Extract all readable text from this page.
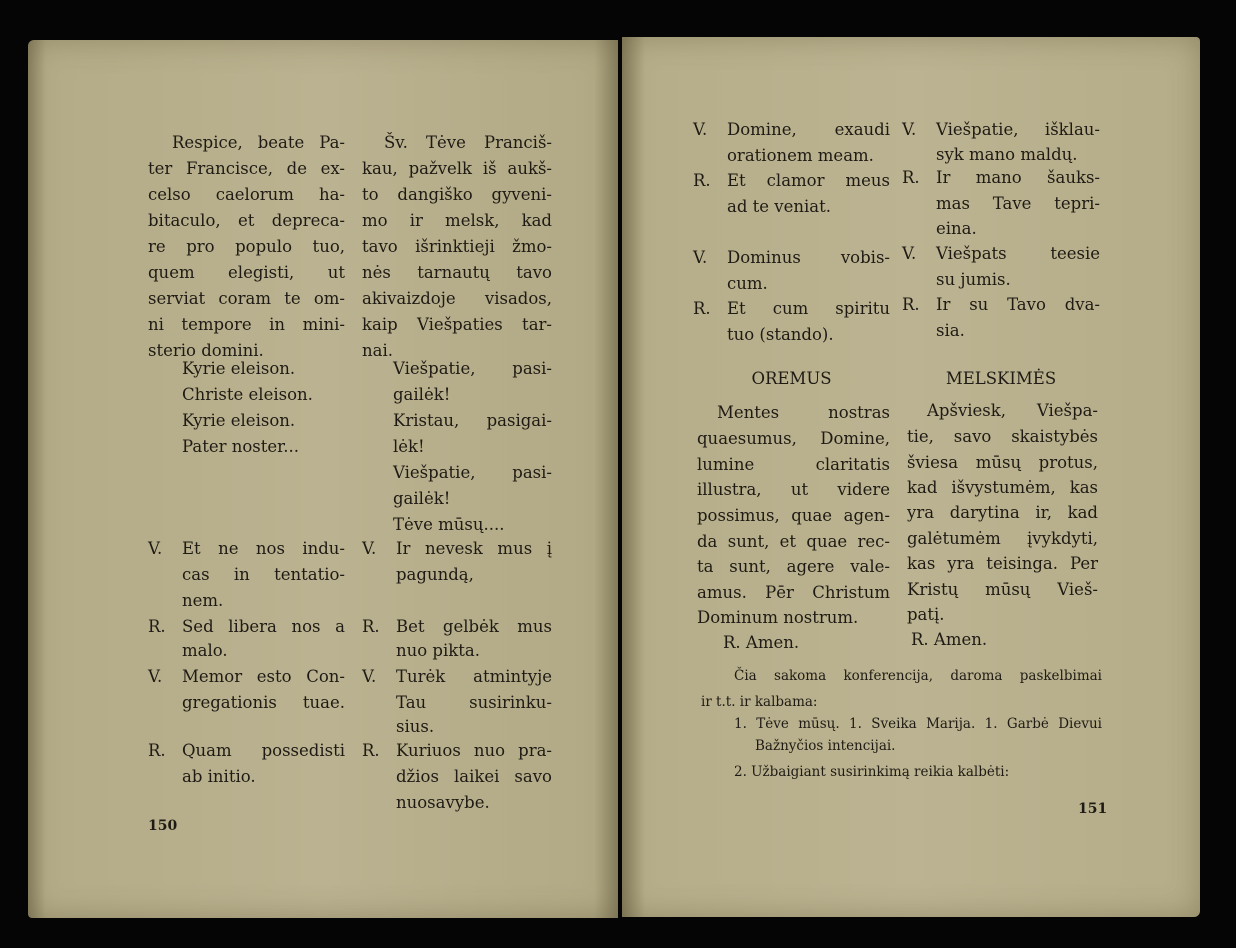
150
Respice, beate Pa-
ter Francisce, de ex-
celso caelorum ha-
bitaculo, et depreca-
re pro populo tuo,
quem elegisti, ut
serviat coram te om-
ni tempore in mini-
sterio domini.
Kyrie eleison.
Christe eleison.
Kyrie eleison.
Pater noster...
Šv. Tėve Pranciš-
kau, pažvelk iš aukš-
to dangiško gyveni-
mo ir melsk, kad
tavo išrinktieji žmo-
nės tarnautų tavo
akivaizdoje visados,
kaip Viešpaties tar-
nai.
Viešpatie, pasi-
gailėk!
Kristau, pasigai-
lėk!
Viešpatie, pasi-
gailėk!
Tėve mūsų....
V. Et ne nos indu-
cas in tentatio-
nem.
R. Sed libera nos a
malo.
V. Memor esto Con-
gregationis tuae.
R. Quam possedisti
ab initio.
V. Ir nevesk mus į
pagundą,
R. Bet gelbėk mus
nuo pikta.
V. Turėk atmintyje
Tau susirinku-
sius.
R. Kuriuos nuo pra-
džios laikei savo
nuosavybe.	151
V. Domine, exaudi
orationem meam.
R. Et clamor meus
ad te veniat.
V. Dominus vobis-
cum.
R. Et cum spiritu
tuo (stando).
V. Viešpatie, išklau-
syk mano maldų.
R. Ir mano šauks-
mas Tave tepri-
eina.
V. Viešpats teesie
su jumis.
R. Ir su Tavo dva-
sia.
Mentes nostras
quaesumus, Domine,
lumine claritatis
illustra, ut videre
possimus, quae agen-
da sunt, et quae rec-
ta sunt, agere vale-
amus. Pēr Christum
Dominum nostrum.
R. Amen.
Apšviesk, Viešpa-
tie, savo skaistybės
šviesa mūsų protus,
kad išvystumėm, kas
yra darytina ir, kad
galėtumėm įvykdyti,
kas yra teisinga. Per
Kristų mūsų Vieš-
patį.
R. Amen.
Čia sakoma konferencija, daroma paskelbimai
ir t.t. ir kalbama:
1. Tėve mūsų. 1. Sveika Marija. 1. Garbė Dievui
Bažnyčios intencijai.
2. Užbaigiant susirinkimą reikia kalbėti:
OREMUS	MELSKIMĖS
